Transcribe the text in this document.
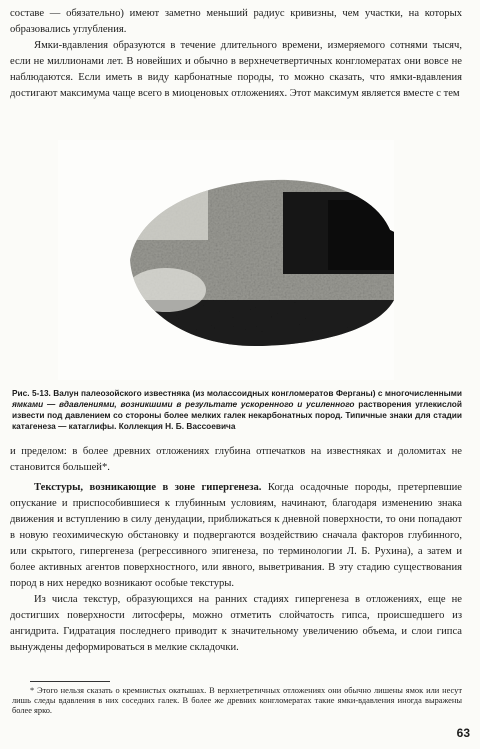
составе — обязательно) имеют заметно меньший радиус кривизны, чем участки, на которых образовались углубления.

Ямки-вдавления образуются в течение длительного времени, измеряемого сотнями тысяч, если не миллионами лет. В новейших и обычно в верхнечетвертичных конгломератах они вовсе не наблюдаются. Если иметь в виду карбонатные породы, то можно сказать, что ямки-вдавления достигают максимума чаще всего в миоценовых отложениях. Этот максимум является вместе с тем

Рис. 5-13. Валун палеозойского известняка (из моласcоидных конгломератов Ферганы) с многочисленными ямками — вдавлениями, возникшими в результате ускоренного и усиленного растворения углекислой извести под давлением со стороны более мелких галек некарбонатных пород. Типичные знаки для стадии катагенеза — катаглифы. Коллекция Н. Б. Вассоевича

и пределом: в более древних отложениях глубина отпечатков на известняках и доломитах не становится большей*.

Текстуры, возникающие в зоне гипергенеза. Когда осадочные породы, претерпевшие опускание и приспособившиеся к глубинным условиям, начинают, благодаря изменению знака движения и вступлению в силу денудации, приближаться к дневной поверхности, то они попадают в новую геохимическую обстановку и подвергаются воздействию сначала факторов глубинного, или скрытого, гипергенеза (регрессивного эпигенеза, по терминологии Л. Б. Рухина), а затем и более активных агентов поверхностного, или явного, выветривания. В эту стадию существования пород в них нередко возникают особые текстуры.

Из числа текстур, образующихся на ранних стадиях гипергенеза в отложениях, еще не достигших поверхности литосферы, можно отметить слойчатость гипса, происшедшего из ангидрита. Гидратация последнего приводит к значительному увеличению объема, и слои гипса вынуждены деформироваться в мелкие складочки.

* Этого нельзя сказать о кремнистых окатышах. В верхнетретичных отложениях они обычно лишены ямок или несут лишь следы вдавления в них соседних галек. В более же древних конгломератах такие ямки-вдавления иногда выражены более ярко.

63
